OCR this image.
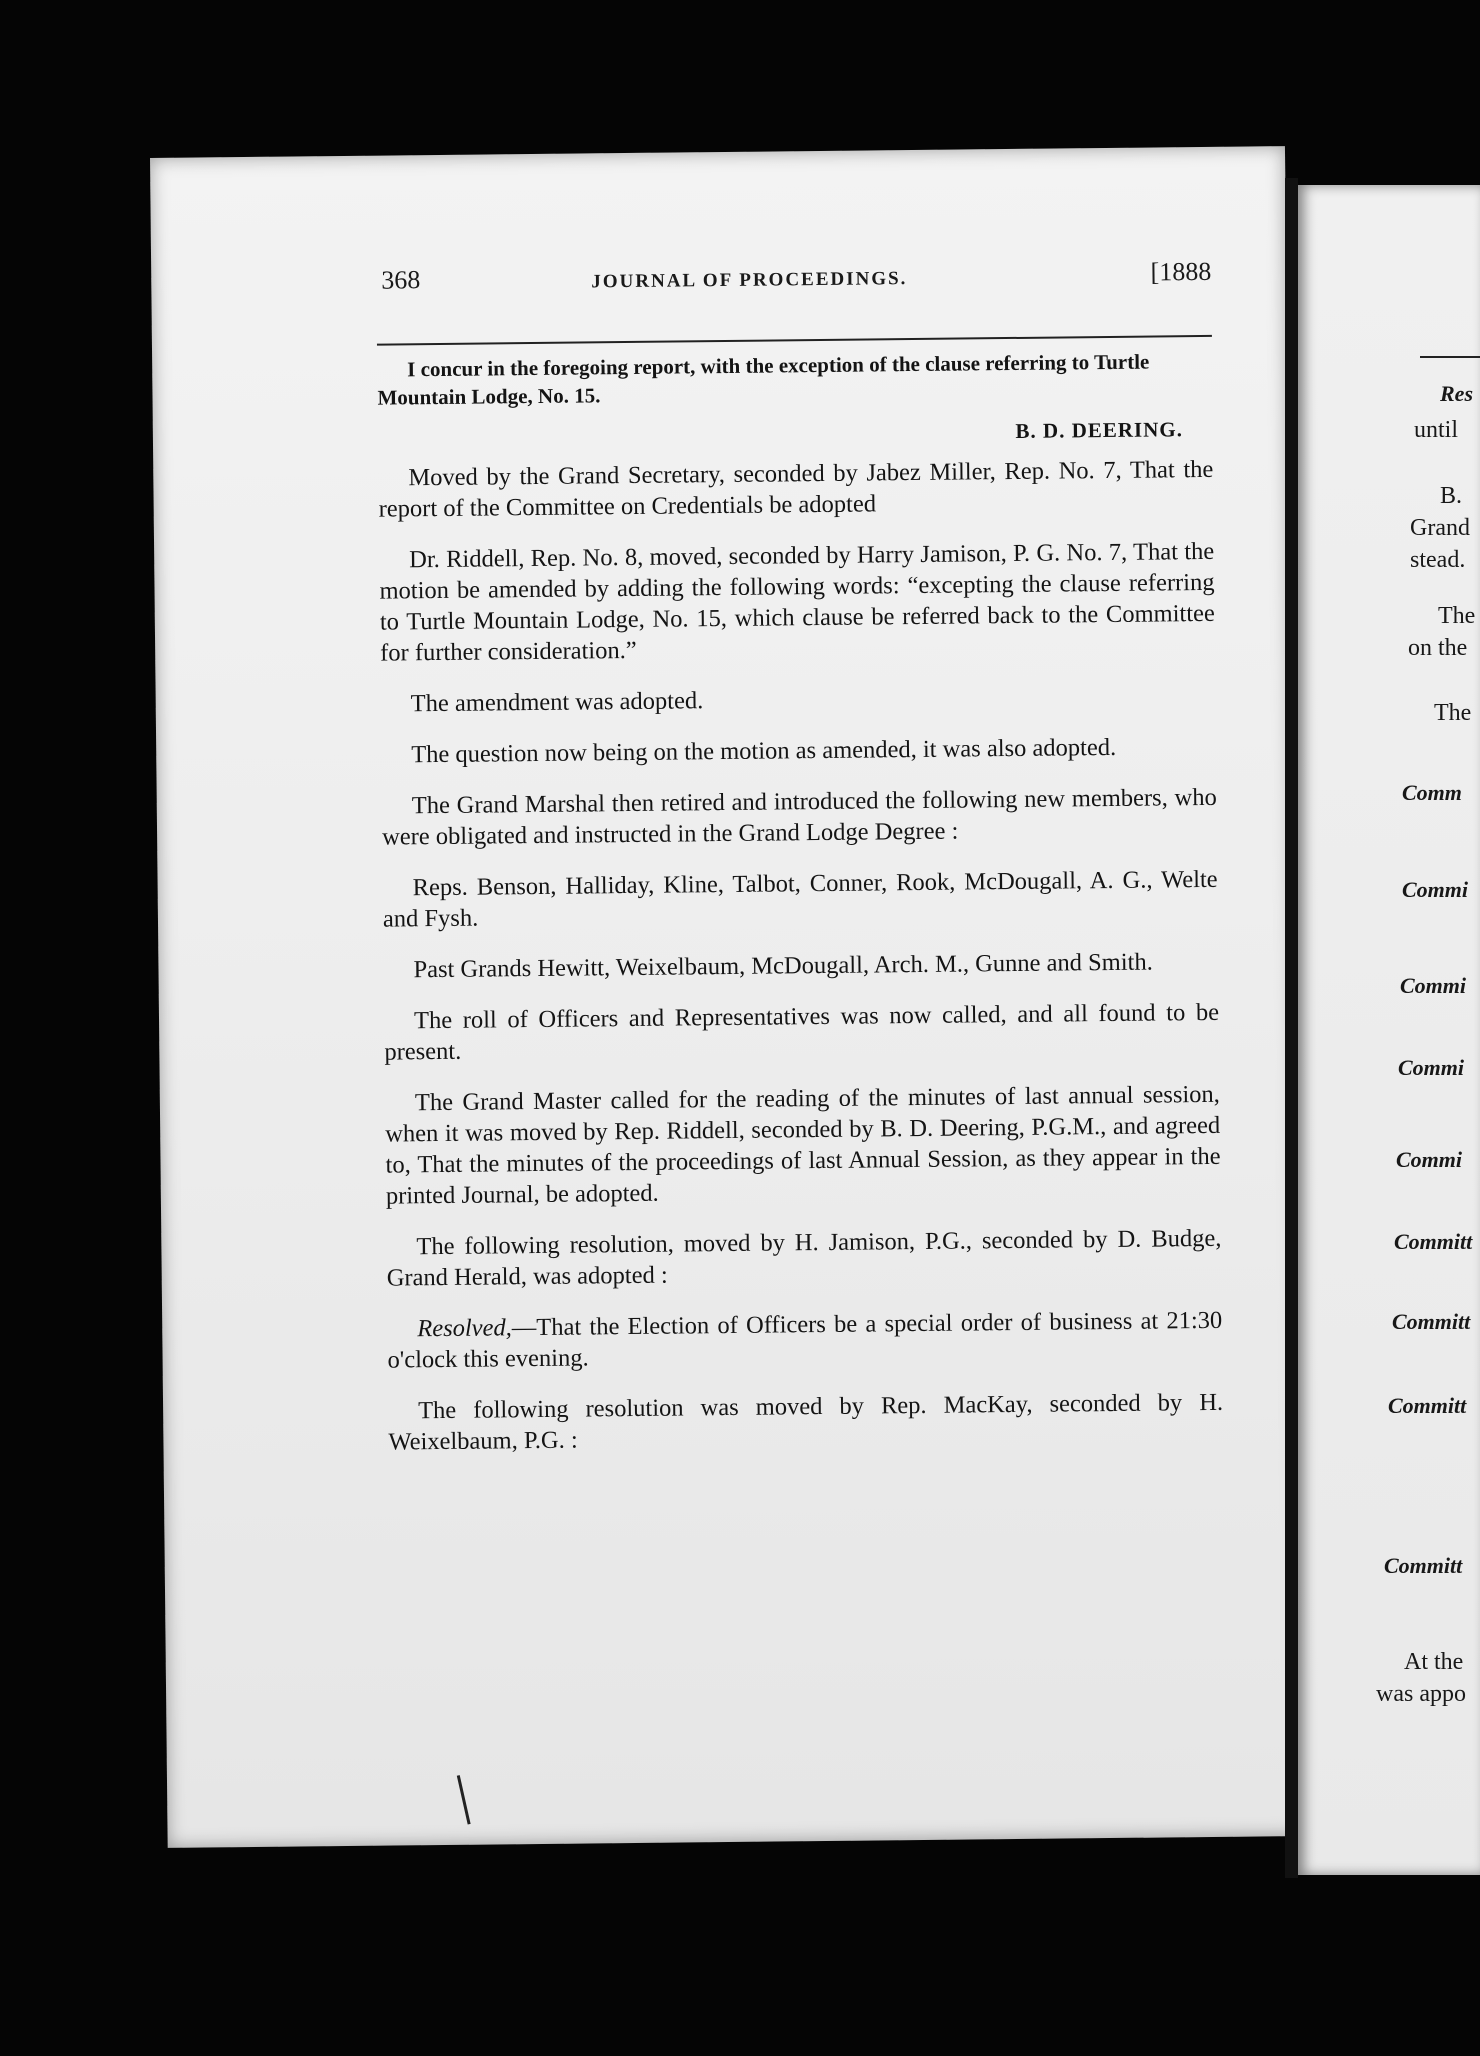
Res
until
B.
Grand
stead.
The
on the
The
Comm
Commi
Commi
Commi
Commi
Committ
Committ
Committ
Committ
At the
was appo
368	JOURNAL OF PROCEEDINGS.	[1888

I concur in the foregoing report, with the exception of the clause referring to Turtle Mountain Lodge, No. 15.

B. D. DEERING.

Moved by the Grand Secretary, seconded by Jabez Miller, Rep. No. 7, That the report of the Committee on Credentials be adopted

Dr. Riddell, Rep. No. 8, moved, seconded by Harry Jamison, P. G. No. 7, That the motion be amended by adding the following words: “excepting the clause referring to Turtle Mountain Lodge, No. 15, which clause be referred back to the Committee for further consideration.”

The amendment was adopted.

The question now being on the motion as amended, it was also adopted.

The Grand Marshal then retired and introduced the following new members, who were obligated and instructed in the Grand Lodge Degree :

Reps. Benson, Halliday, Kline, Talbot, Conner, Rook, McDougall, A. G., Welte and Fysh.

Past Grands Hewitt, Weixelbaum, McDougall, Arch. M., Gunne and Smith.

The roll of Officers and Representatives was now called, and all found to be present.

The Grand Master called for the reading of the minutes of last annual session, when it was moved by Rep. Riddell, seconded by B. D. Deering, P.G.M., and agreed to, That the minutes of the proceedings of last Annual Session, as they appear in the printed Journal, be adopted.

The following resolution, moved by H. Jamison, P.G., seconded by D. Budge, Grand Herald, was adopted :

Resolved,—That the Election of Officers be a special order of business at 21:30 o'clock this evening.

The following resolution was moved by Rep. MacKay, seconded by H. Weixelbaum, P.G. :
